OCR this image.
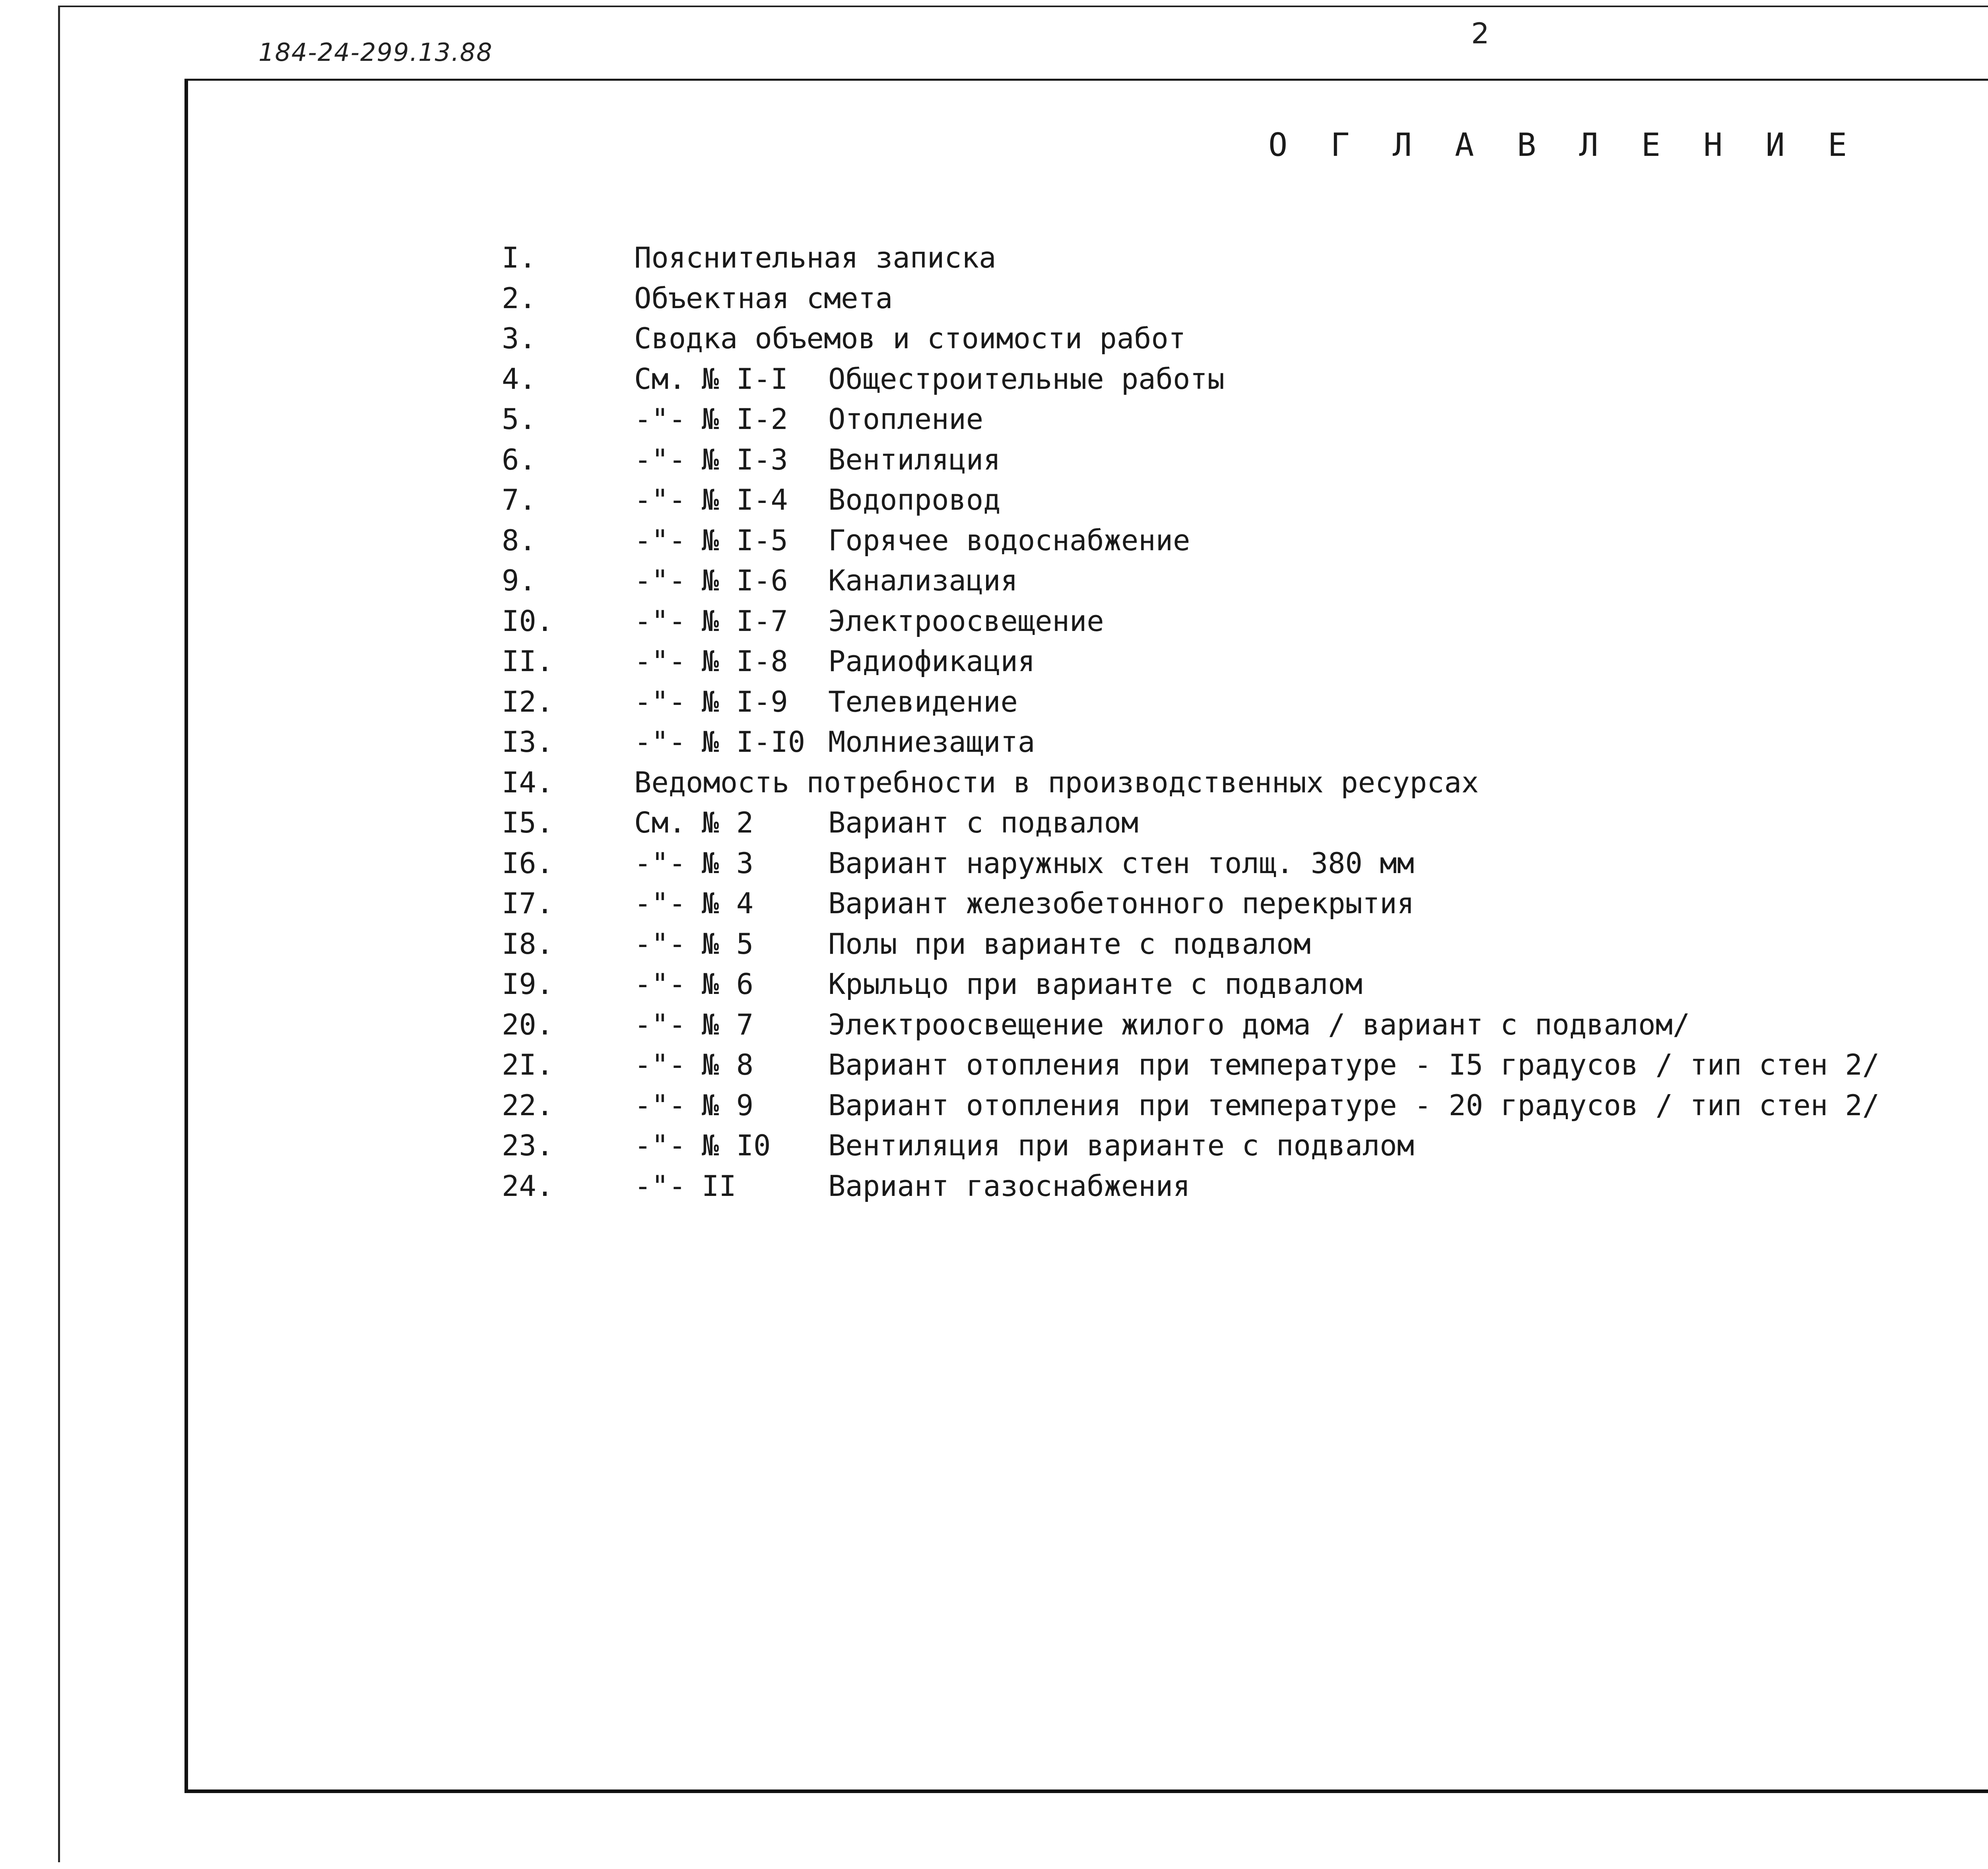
184-24-299.13.88
2
О Г Л А В Л Е Н И Е
I.	Пояснительная записка
2.	Объектная смета
3.	Сводка объемов и стоимости работ
4.	См. № I-I Общестроительные работы
5.	-"- № I-2 Отопление
6.	-"- № I-3 Вентиляция
7.	-"- № I-4 Водопровод
8.	-"- № I-5 Горячее водоснабжение
9.	-"- № I-6 Канализация
I0.	-"- № I-7 Электроосвещение
II.	-"- № I-8 Радиофикация
I2.	-"- № I-9 Телевидение
I3.	-"- № I-I0 Молниезащита
I4.	Ведомость потребности в производственных ресурсах
I5.	См. № 2	Вариант с подвалом
I6.	-"- № 3	Вариант наружных стен толщ. 380 мм
I7.	-"- № 4	Вариант железобетонного перекрытия
I8.	-"- № 5	Полы при варианте с подвалом
I9.	-"- № 6	Крыльцо при варианте с подвалом
20.	-"- № 7	Электроосвещение жилого дома / вариант с подвалом/
2I.	-"- № 8	Вариант отопления при температуре - I5 градусов / тип стен 2/
22.	-"- № 9	Вариант отопления при температуре - 20 градусов / тип стен 2/
23.	-"- № I0 Вентиляция при варианте с подвалом
24.	-"- II	Вариант газоснабжения
